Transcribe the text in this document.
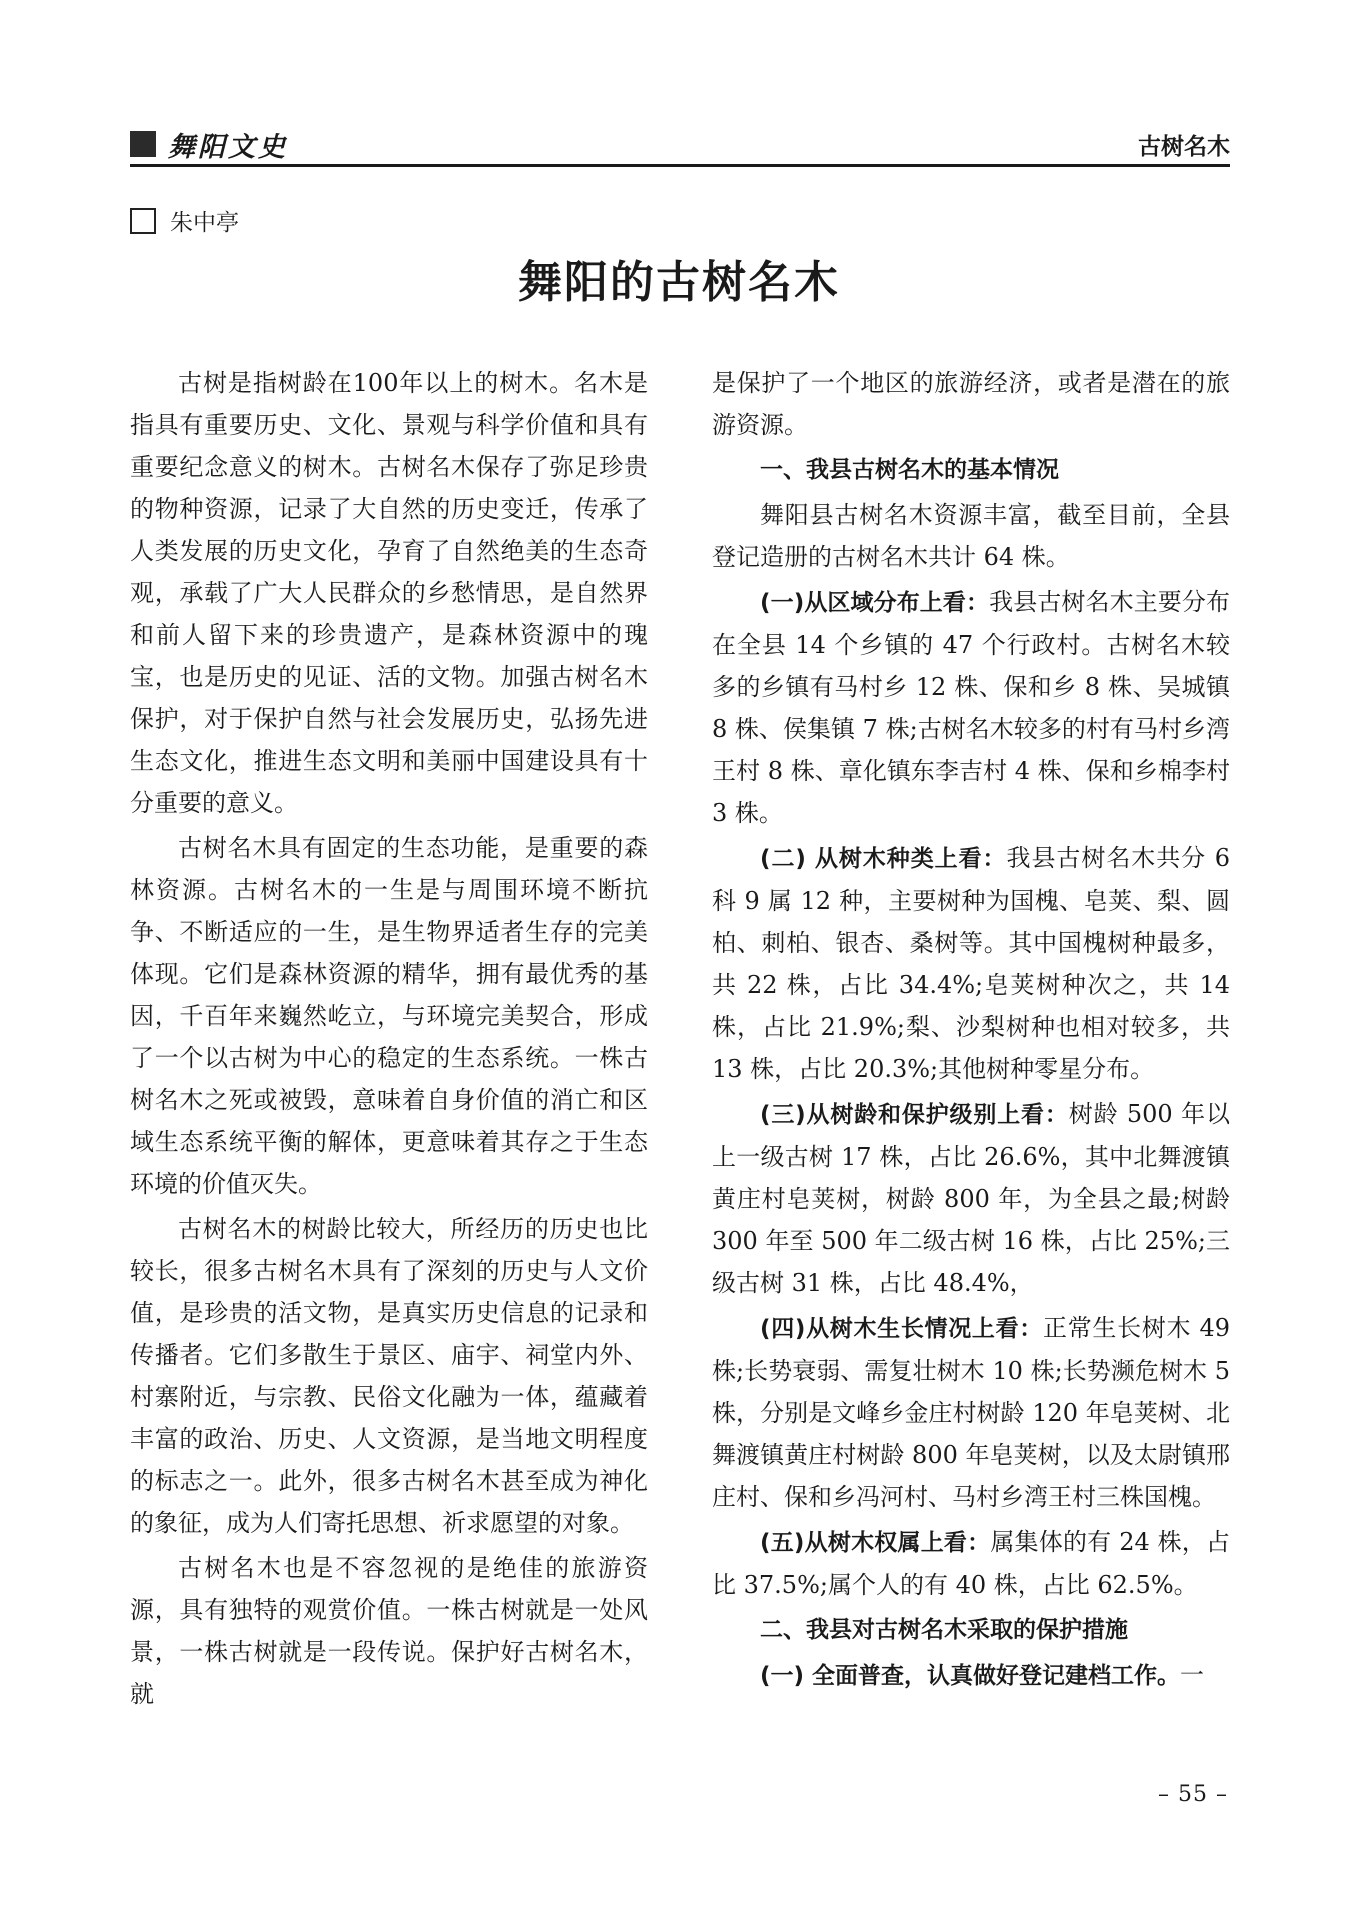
舞阳文史	古树名木
朱中亭
舞阳的古树名木

古树是指树龄在100年以上的树木。名木是指具有重要历史、文化、景观与科学价值和具有重要纪念意义的树木。古树名木保存了弥足珍贵的物种资源，记录了大自然的历史变迁，传承了人类发展的历史文化，孕育了自然绝美的生态奇观，承载了广大人民群众的乡愁情思，是自然界和前人留下来的珍贵遗产，是森林资源中的瑰宝，也是历史的见证、活的文物。加强古树名木保护，对于保护自然与社会发展历史，弘扬先进生态文化，推进生态文明和美丽中国建设具有十分重要的意义。

古树名木具有固定的生态功能，是重要的森林资源。古树名木的一生是与周围环境不断抗争、不断适应的一生，是生物界适者生存的完美体现。它们是森林资源的精华，拥有最优秀的基因，千百年来巍然屹立，与环境完美契合，形成了一个以古树为中心的稳定的生态系统。一株古树名木之死或被毁，意味着自身价值的消亡和区域生态系统平衡的解体，更意味着其存之于生态环境的价值灭失。

古树名木的树龄比较大，所经历的历史也比较长，很多古树名木具有了深刻的历史与人文价值，是珍贵的活文物，是真实历史信息的记录和传播者。它们多散生于景区、庙宇、祠堂内外、村寨附近，与宗教、民俗文化融为一体，蕴藏着丰富的政治、历史、人文资源，是当地文明程度的标志之一。此外，很多古树名木甚至成为神化的象征，成为人们寄托思想、祈求愿望的对象。

古树名木也是不容忽视的是绝佳的旅游资源，具有独特的观赏价值。一株古树就是一处风景，一株古树就是一段传说。保护好古树名木，就

是保护了一个地区的旅游经济，或者是潜在的旅游资源。

一、我县古树名木的基本情况

舞阳县古树名木资源丰富，截至目前，全县登记造册的古树名木共计 64 株。

(一)从区域分布上看：我县古树名木主要分布在全县 14 个乡镇的 47 个行政村。古树名木较多的乡镇有马村乡 12 株、保和乡 8 株、吴城镇 8 株、侯集镇 7 株;古树名木较多的村有马村乡湾王村 8 株、章化镇东李吉村 4 株、保和乡棉李村 3 株。

(二) 从树木种类上看：我县古树名木共分 6 科 9 属 12 种，主要树种为国槐、皂荚、梨、圆柏、刺柏、银杏、桑树等。其中国槐树种最多，共 22 株，占比 34.4%;皂荚树种次之，共 14 株，占比 21.9%;梨、沙梨树种也相对较多，共 13 株，占比 20.3%;其他树种零星分布。

(三)从树龄和保护级别上看：树龄 500 年以上一级古树 17 株，占比 26.6%，其中北舞渡镇黄庄村皂荚树，树龄 800 年，为全县之最;树龄 300 年至 500 年二级古树 16 株，占比 25%;三级古树 31 株，占比 48.4%，

(四)从树木生长情况上看：正常生长树木 49 株;长势衰弱、需复壮树木 10 株;长势濒危树木 5 株，分别是文峰乡金庄村树龄 120 年皂荚树、北舞渡镇黄庄村树龄 800 年皂荚树，以及太尉镇邢庄村、保和乡冯河村、马村乡湾王村三株国槐。

(五)从树木权属上看：属集体的有 24 株，占比 37.5%;属个人的有 40 株，占比 62.5%。

二、我县对古树名木采取的保护措施

(一) 全面普查，认真做好登记建档工作。一

– 55 –
